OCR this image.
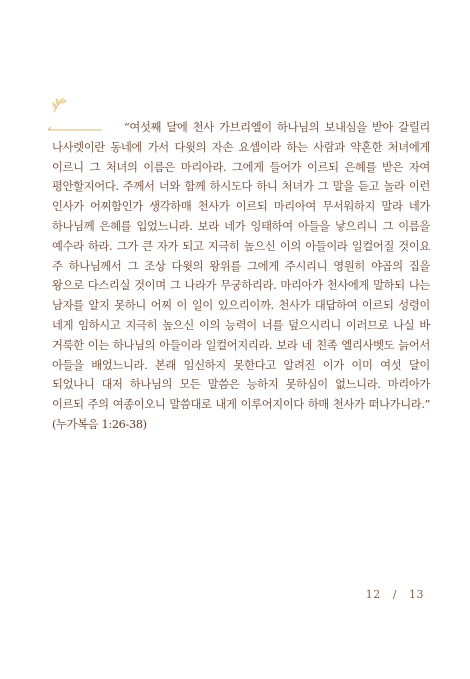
“여섯째 달에 천사 가브리엘이 하나님의 보내심을 받아 갈릴리 나사렛이란 동네에 가서 다윗의 자손 요셉이라 하는 사람과 약혼한 처녀에게 이르니 그 처녀의 이름은 마리아라. 그에게 들어가 이르되 은혜를 받은 자여 평안할지어다. 주께서 너와 함께 하시도다 하니 처녀가 그 말을 듣고 놀라 이런 인사가 어찌함인가 생각하매 천사가 이르되 마리아여 무서워하지 말라 네가 하나님께 은혜를 입었느니라. 보라 네가 잉태하여 아들을 낳으리니 그 이름을 예수라 하라. 그가 큰 자가 되고 지극히 높으신 이의 아들이라 일컬어질 것이요 주 하나님께서 그 조상 다윗의 왕위를 그에게 주시리니 영원히 야곱의 집을 왕으로 다스리실 것이며 그 나라가 무궁하리라. 마리아가 천사에게 말하되 나는 남자를 알지 못하니 어찌 이 일이 있으리이까. 천사가 대답하여 이르되 성령이 네게 임하시고 지극히 높으신 이의 능력이 너를 덮으시리니 이러므로 나실 바 거룩한 이는 하나님의 아들이라 일컬어지리라. 보라 네 친족 엘리사벳도 늙어서 아들을 배었느니라. 본래 임신하지 못한다고 알려진 이가 이미 여섯 달이 되었나니 대저 하나님의 모든 말씀은 능하지 못하심이 없느니라. 마리아가 이르되 주의 여종이오니 말씀대로 내게 이루어지이다 하매 천사가 떠나가니라.” (누가복음 1:26-38)

12 / 13
